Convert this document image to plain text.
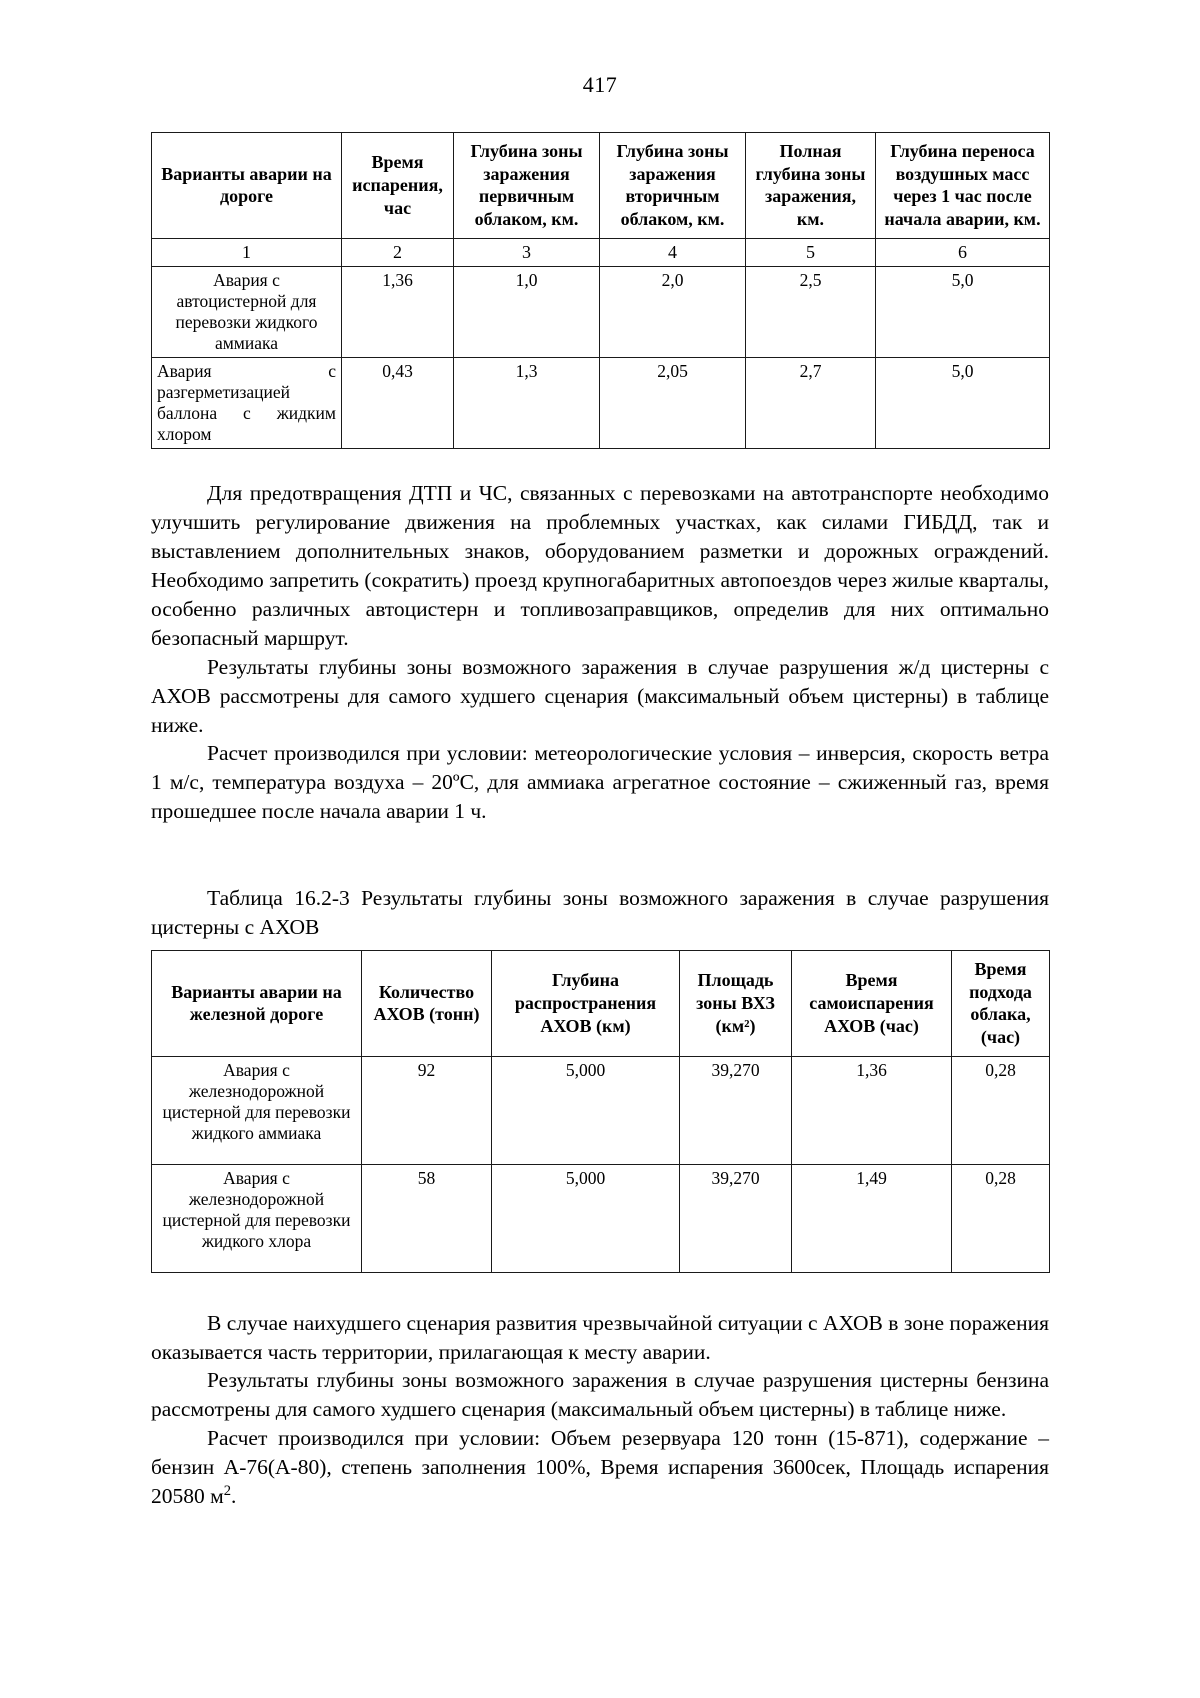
417
Варианты аварии на дороге	Время испарения, час	Глубина зоны заражения первичным облаком, км.	Глубина зоны заражения вторичным облаком, км.	Полная глубина зоны заражения, км.	Глубина переноса воздушных масс через 1 час после начала аварии, км.
1	2	3	4	5	6
Авария с автоцистерной для перевозки жидкого аммиака	1,36	1,0	2,0	2,5	5,0
Авария с разгерметизацией баллона с жидким хлором	0,43	1,3	2,05	2,7	5,0

Для предотвращения ДТП и ЧС, связанных с перевозками на автотранспорте необходимо улучшить регулирование движения на проблемных участках, как силами ГИБДД, так и выставлением дополнительных знаков, оборудованием разметки и дорожных ограждений. Необходимо запретить (сократить) проезд крупногабаритных автопоездов через жилые кварталы, особенно различных автоцистерн и топливозаправщиков, определив для них оптимально безопасный маршрут.

Результаты глубины зоны возможного заражения в случае разрушения ж/д цистерны с АХОВ рассмотрены для самого худшего сценария (максимальный объем цистерны) в таблице ниже.

Расчет производился при условии: метеорологические условия – инверсия, скорость ветра 1 м/с, температура воздуха – 20ºС, для аммиака агрегатное состояние – сжиженный газ, время прошедшее после начала аварии 1 ч.

Таблица 16.2-3 Результаты глубины зоны возможного заражения в случае разрушения цистерны с АХОВ

Варианты аварии на железной дороге	Количество АХОВ (тонн)	Глубина распространения АХОВ (км)	Площадь зоны ВХЗ (км²)	Время самоиспарения АХОВ (час)	Время подхода облака, (час)
Авария с железнодорожной цистерной для перевозки жидкого аммиака	92	5,000	39,270	1,36	0,28
Авария с железнодорожной цистерной для перевозки жидкого хлора	58	5,000	39,270	1,49	0,28

В случае наихудшего сценария развития чрезвычайной ситуации с АХОВ в зоне поражения оказывается часть территории, прилагающая к месту аварии.

Результаты глубины зоны возможного заражения в случае разрушения цистерны бензина рассмотрены для самого худшего сценария (максимальный объем цистерны) в таблице ниже.

Расчет производился при условии: Объем резервуара 120 тонн (15-871), содержание – бензин А-76(А-80), степень заполнения 100%, Время испарения 3600сек, Площадь испарения 20580 $м^2$.
